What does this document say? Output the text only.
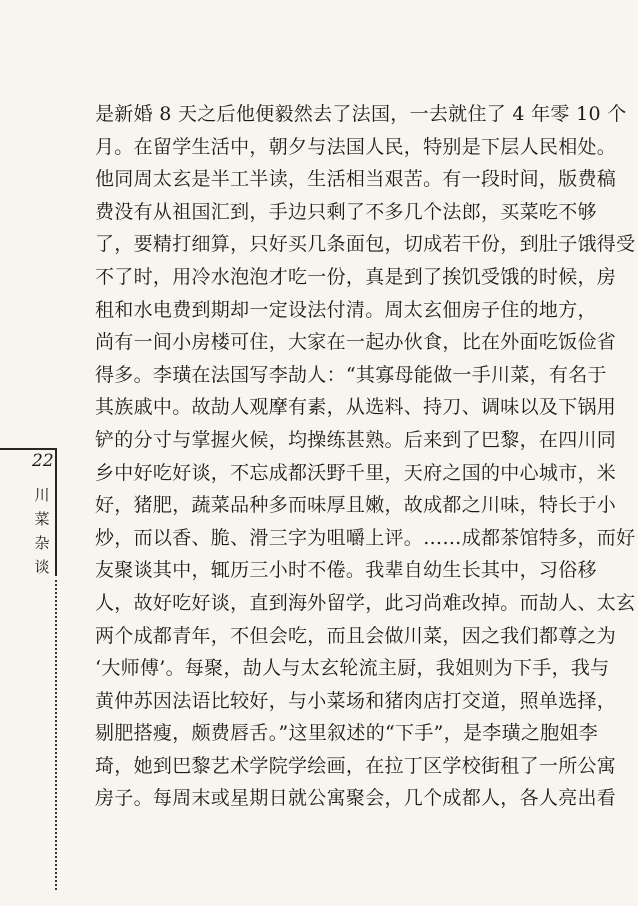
22
川
菜
杂
谈
是新婚 8 天之后他便毅然去了法国，一去就住了 4 年零 10 个
月。在留学生活中，朝夕与法国人民，特别是下层人民相处。
他同周太玄是半工半读，生活相当艰苦。有一段时间，版费稿
费没有从祖国汇到，手边只剩了不多几个法郎，买菜吃不够
了，要精打细算，只好买几条面包，切成若干份，到肚子饿得受
不了时，用冷水泡泡才吃一份，真是到了挨饥受饿的时候，房
租和水电费到期却一定设法付清。周太玄佃房子住的地方，
尚有一间小房楼可住，大家在一起办伙食，比在外面吃饭俭省
得多。李璜在法国写李劼人：“其寡母能做一手川菜，有名于
其族戚中。故劼人观摩有素，从选料、持刀、调味以及下锅用
铲的分寸与掌握火候，均操练甚熟。后来到了巴黎，在四川同
乡中好吃好谈，不忘成都沃野千里，天府之国的中心城市，米
好，猪肥，蔬菜品种多而味厚且嫩，故成都之川味，特长于小
炒，而以香、脆、滑三字为咀嚼上评。……成都茶馆特多，而好
友聚谈其中，辄历三小时不倦。我辈自幼生长其中，习俗移
人，故好吃好谈，直到海外留学，此习尚难改掉。而劼人、太玄
两个成都青年，不但会吃，而且会做川菜，因之我们都尊之为
‘大师傅’。每聚，劼人与太玄轮流主厨，我姐则为下手，我与
黄仲苏因法语比较好，与小菜场和猪肉店打交道，照单选择，
剔肥搭瘦，颇费唇舌。”这里叙述的“下手”，是李璜之胞姐李
琦，她到巴黎艺术学院学绘画，在拉丁区学校街租了一所公寓
房子。每周末或星期日就公寓聚会，几个成都人，各人亮出看
